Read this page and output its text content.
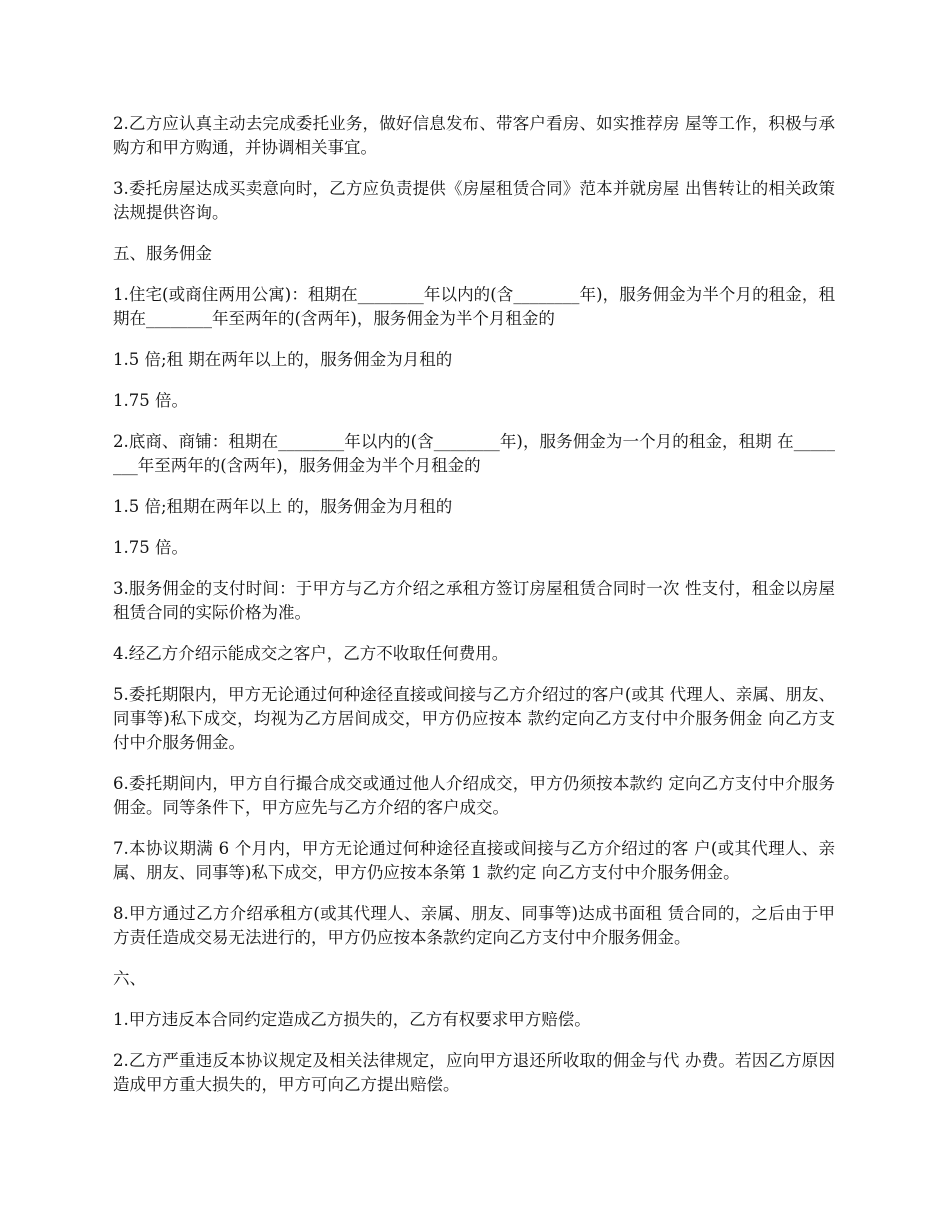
2.乙方应认真主动去完成委托业务，做好信息发布、带客户看房、如实推荐房 屋等工作，积极与承购方和甲方购通，并协调相关事宜。

3.委托房屋达成买卖意向时，乙方应负责提供《房屋租赁合同》范本并就房屋 出售转让的相关政策法规提供咨询。

五、服务佣金

1.住宅(或商住两用公寓)：租期在________年以内的(含________年)，服务佣金为半个月的租金，租期在________年至两年的(含两年)，服务佣金为半个月租金的

1.5 倍;租 期在两年以上的，服务佣金为月租的

1.75 倍。

2.底商、商铺：租期在________年以内的(含________年)，服务佣金为一个月的租金，租期 在________年至两年的(含两年)，服务佣金为半个月租金的

1.5 倍;租期在两年以上 的，服务佣金为月租的

1.75 倍。

3.服务佣金的支付时间：于甲方与乙方介绍之承租方签订房屋租赁合同时一次 性支付，租金以房屋租赁合同的实际价格为准。

4.经乙方介绍示能成交之客户，乙方不收取任何费用。

5.委托期限内，甲方无论通过何种途径直接或间接与乙方介绍过的客户(或其 代理人、亲属、朋友、同事等)私下成交，均视为乙方居间成交，甲方仍应按本 款约定向乙方支付中介服务佣金 向乙方支付中介服务佣金。

6.委托期间内，甲方自行撮合成交或通过他人介绍成交，甲方仍须按本款约 定向乙方支付中介服务佣金。同等条件下，甲方应先与乙方介绍的客户成交。

7.本协议期满 6 个月内，甲方无论通过何种途径直接或间接与乙方介绍过的客 户(或其代理人、亲属、朋友、同事等)私下成交，甲方仍应按本条第 1 款约定 向乙方支付中介服务佣金。

8.甲方通过乙方介绍承租方(或其代理人、亲属、朋友、同事等)达成书面租 赁合同的，之后由于甲方责任造成交易无法进行的，甲方仍应按本条款约定向乙方支付中介服务佣金。

六、

1.甲方违反本合同约定造成乙方损失的，乙方有权要求甲方赔偿。

2.乙方严重违反本协议规定及相关法律规定，应向甲方退还所收取的佣金与代 办费。若因乙方原因造成甲方重大损失的，甲方可向乙方提出赔偿。
